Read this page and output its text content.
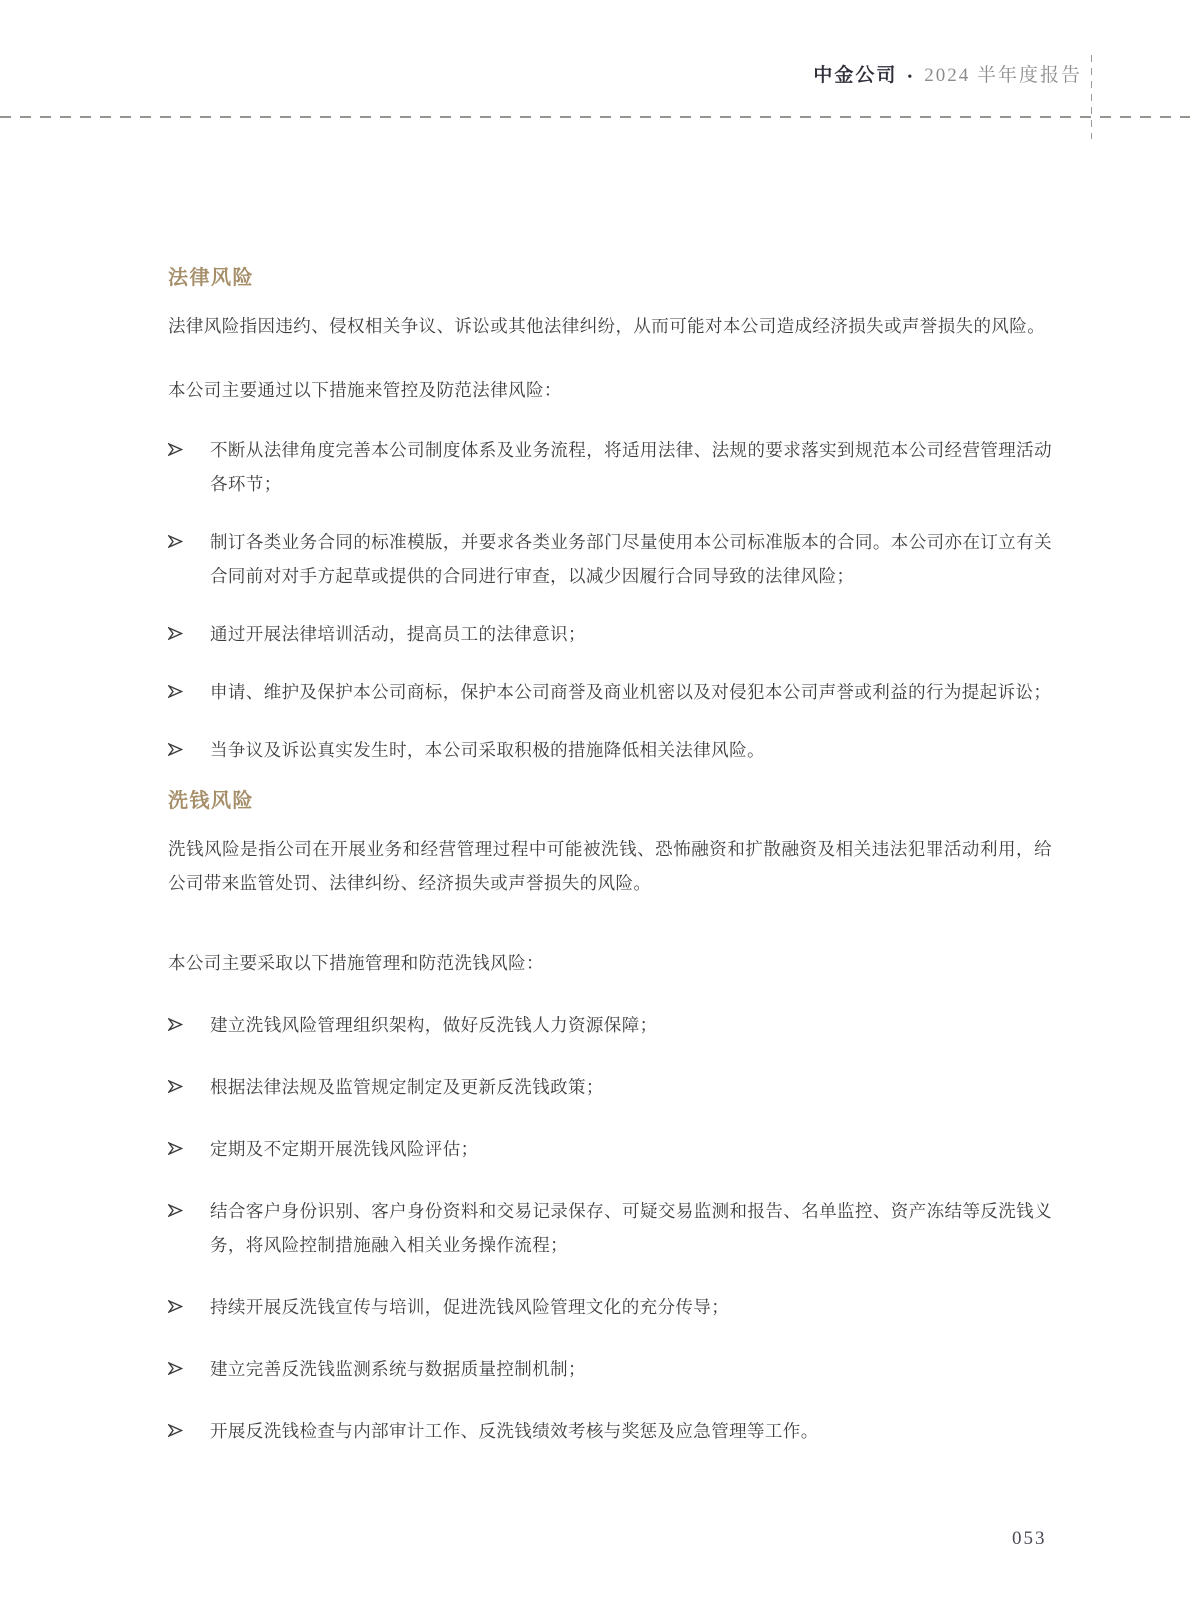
中金公司 • 2024 半年度报告
法律风险

法律风险指因违约、侵权相关争议、诉讼或其他法律纠纷，从而可能对本公司造成经济损失或声誉损失的风险。

本公司主要通过以下措施来管控及防范法律风险：

不断从法律角度完善本公司制度体系及业务流程，将适用法律、法规的要求落实到规范本公司经营管理活动各环节；
制订各类业务合同的标准模版，并要求各类业务部门尽量使用本公司标准版本的合同。本公司亦在订立有关合同前对对手方起草或提供的合同进行审查，以减少因履行合同导致的法律风险；
通过开展法律培训活动，提高员工的法律意识；
申请、维护及保护本公司商标，保护本公司商誉及商业机密以及对侵犯本公司声誉或利益的行为提起诉讼；
当争议及诉讼真实发生时，本公司采取积极的措施降低相关法律风险。
洗钱风险

洗钱风险是指公司在开展业务和经营管理过程中可能被洗钱、恐怖融资和扩散融资及相关违法犯罪活动利用，给公司带来监管处罚、法律纠纷、经济损失或声誉损失的风险。

本公司主要采取以下措施管理和防范洗钱风险：

建立洗钱风险管理组织架构，做好反洗钱人力资源保障；
根据法律法规及监管规定制定及更新反洗钱政策；
定期及不定期开展洗钱风险评估；
结合客户身份识别、客户身份资料和交易记录保存、可疑交易监测和报告、名单监控、资产冻结等反洗钱义务，将风险控制措施融入相关业务操作流程；
持续开展反洗钱宣传与培训，促进洗钱风险管理文化的充分传导；
建立完善反洗钱监测系统与数据质量控制机制；
开展反洗钱检查与内部审计工作、反洗钱绩效考核与奖惩及应急管理等工作。
053
